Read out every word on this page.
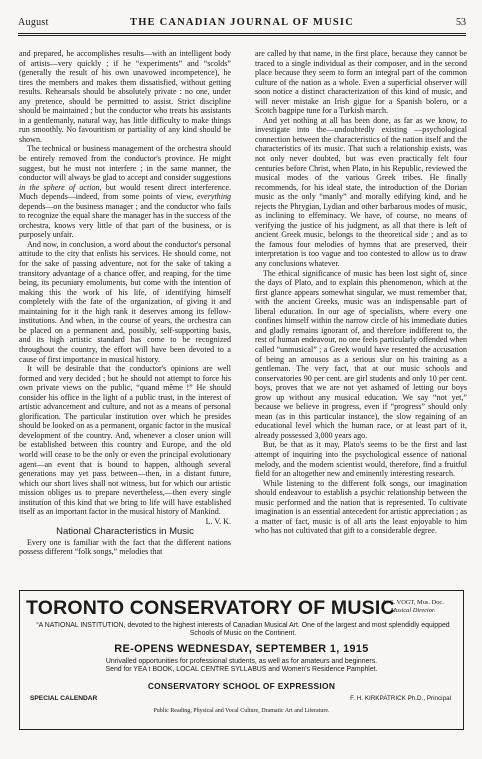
August	THE CANADIAN JOURNAL OF MUSIC	53

and prepared, he accomplishes results—with an intelligent body of artists—very quickly ; if he “experiments” and “scolds” (generally the result of his own unavowed incompetence), he tires the members and makes them dissatisfied, without getting results. Rehearsals should be absolutely private : no one, under any pretence, should be permitted to assist. Strict discipline should be maintained ; but the conductor who treats his assistants in a gentlemanly, natural way, has little difficulty to make things run smoothly. No favouritism or partiality of any kind should be shown.

The technical or business management of the orchestra should be entirely removed from the conductor's province. He might suggest, but he must not interfere ; in the same manner, the conductor will always be glad to accept and consider suggestions in the sphere of action, but would resent direct interference. Much depends—indeed, from some points of view, everything depends—on the business manager ; and the conductor who fails to recognize the equal share the manager has in the success of the orchestra, knows very little of that part of the business, or is purposely unfair.

And now, in conclusion, a word about the conductor's personal attitude to the city that enlists his services. He should come, not for the sake of passing adventure, not for the sake of taking a transitory advantage of a chance offer, and reaping, for the time being, its pecuniary emoluments, but come with the intention of making this the work of his life, of identifying himself completely with the fate of the organization, of giving it and maintaining for it the high rank it deserves among its fellow-institutions. And when, in the course of years, the orchestra can be placed on a permanent and, possibly, self-supporting basis, and its high artistic standard has come to be recognized throughout the country, the effort will have been devoted to a cause of first importance in musical history.

It will be desirable that the conductor's opinions are well formed and very decided ; but he should not attempt to force his own private views on the public, “quand même !” He should consider his office in the light of a public trust, in the interest of artistic advancement and culture, and not as a means of personal glorification. The particular institution over which he presides should be looked on as a permanent, organic factor in the musical development of the country. And, whenever a closer union will be established between this country and Europe, and the old world will cease to be the only or even the principal evolutionary agent—an event that is bound to happen, although several generations may yet pass between—then, in a distant future, which our short lives shall not witness, but for which our artistic mission obliges us to prepare nevertheless,—then every single institution of this kind that we bring to life will have established itself as an important factor in the musical history of Mankind.

L. V. K.
National Characteristics in Music

Every one is familiar with the fact that the different nations possess different “folk songs,” melodies that

are called by that name, in the first place, because they cannot be traced to a single individual as their composer, and in the second place because they seem to form an integral part of the common culture of the nation as a whole. Even a superficial observer will soon notice a distinct characterization of this kind of music, and will never mistake an Irish gigue for a Spanish bolero, or a Scotch bagpipe tune for a Turkish march.

And yet nothing at all has been done, as far as we know, to investigate into the—undoubtedly existing —psychological connection between the characteristics of the nation itself and the characteristics of its music. That such a relationship exists, was not only never doubted, but was even practically felt four centuries before Christ, when Plato, in his Republic, reviewed the musical modes of the various Greek tribes. He finally recommends, for his ideal state, the introduction of the Dorian music as the only “manly” and morally edifying kind, and he rejects the Phrygian, Lydian and other barbarous modes of music, as inclining to effeminacy. We have, of course, no means of verifying the justice of his judgment, as all that there is left of ancient Greek music, belongs to the theoretical side ; and as to the famous four melodies of hymns that are preserved, their interpretation is too vague and too contested to allow us to draw any conclusions whatever.

The ethical significance of music has been lost sight of, since the days of Plato, and to explain this phenomenon, which at the first glance appears somewhat singular, we must remember that, with the ancient Greeks, music was an indispensable part of liberal education. In our age of specialists, where every one confines himself within the narrow circle of his immediate duties and gladly remains ignorant of, and therefore indifferent to, the rest of human endeavour, no one feels particularly offended when called “unmusical” ; a Greek would have resented the accusation of being an amousos as a serious slur on his training as a gentleman. The very fact, that at our music schools and conservatories 90 per cent. are girl students and only 10 per cent. boys, proves that we are not yet ashamed of letting our boys grow up without any musical education. We say “not yet,” because we believe in progress, even if “progress” should only mean (as in this particular instance), the slow regaining of an educational level which the human race, or at least part of it, already possessed 3,000 years ago.

But, be that as it may, Plato's seems to be the first and last attempt of inquiring into the psychological essence of national melody, and the modern scientist would, therefore, find a fruitful field for an altogether new and eminently interesting research.

While listening to the different folk songs, our imagination should endeavour to establish a psychic relationship between the music performed and the nation that is represented. To cultivate imagination is an essential antecedent for artistic appreciation ; as a matter of fact, music is of all arts the least enjoyable to him who has not cultivated that gift to a considerable degree.

TORONTO CONSERVATORY OF MUSIC
A. S. VOGT, Mus. Doc.
Musical Director.
“A NATIONAL INSTITUTION, devoted to the highest interests of Canadian Musical Art. One of the largest and most splendidly equipped Schools of Music on the Continent.
RE-OPENS WEDNESDAY, SEPTEMBER 1, 1915
Unrivalled opportunities for professional students, as well as for amateurs and beginners.
Send for YEA t BOOK, LOCAL CENTRE SYLLABUS and Women's Residence Pamphlet.
CONSERVATORY SCHOOL OF EXPRESSION
SPECIAL CALENDAR	F. H. KIRKPATRICK Ph.D., Principal
Public Reading, Physical and Vocal Culture, Dramatic Art and Literature.
